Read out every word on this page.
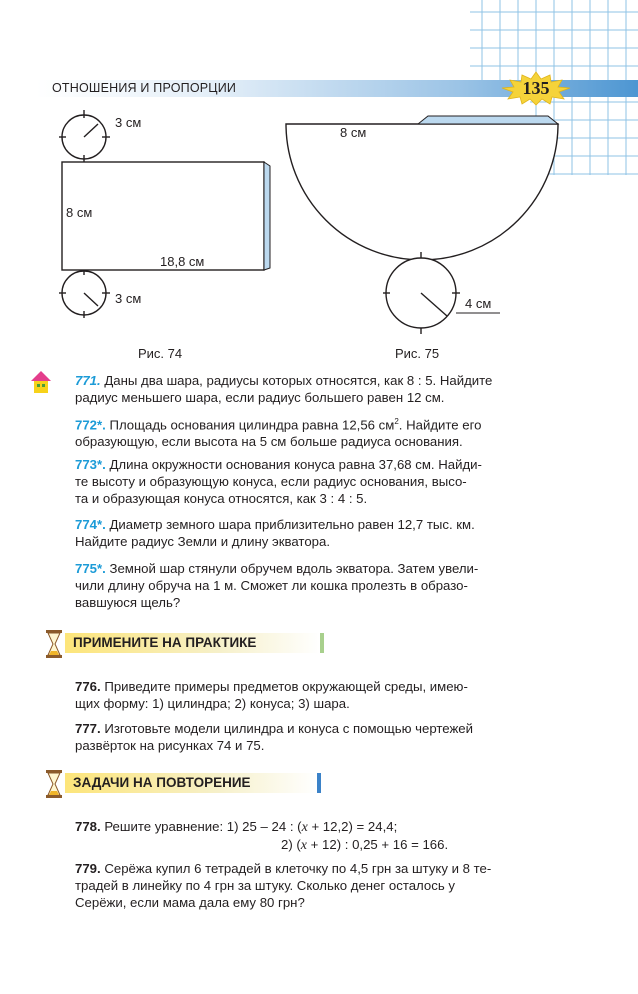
ОТНОШЕНИЯ И ПРОПОРЦИИ	135
3 см
8 см
18,8 см
3 см
8 см
4 см
Рис. 74	Рис. 75
771. Даны два шара, радиусы которых относятся, как 8 : 5. Найдите
радиус меньшего шара, если радиус большего равен 12 см.
772*. Площадь основания цилиндра равна 12,56 $см^2$. Найдите его
образующую, если высота на 5 см больше радиуса основания.
773*. Длина окружности основания конуса равна 37,68 см. Найди-
те высоту и образующую конуса, если радиус основания, высо-
та и образующая конуса относятся, как 3 : 4 : 5.
774*. Диаметр земного шара приблизительно равен 12,7 тыс. км.
Найдите радиус Земли и длину экватора.
775*. Земной шар стянули обручем вдоль экватора. Затем увели-
чили длину обруча на 1 м. Сможет ли кошка пролезть в образо-
вавшуюся щель?
ПРИМЕНИТЕ НА ПРАКТИКЕ
776. Приведите примеры предметов окружающей среды, имею-
щих форму: 1) цилиндра; 2) конуса; 3) шара.
777. Изготовьте модели цилиндра и конуса с помощью чертежей
развёрток на рисунках 74 и 75.
ЗАДАЧИ НА ПОВТОРЕНИЕ
778. Решите уравнение: 1) 25 – 24 : (x + 12,2) = 24,4;
2) (x + 12) : 0,25 + 16 = 166.
779. Серёжа купил 6 тетрадей в клеточку по 4,5 грн за штуку и 8 те-
традей в линейку по 4 грн за штуку. Сколько денег осталось у
Серёжи, если мама дала ему 80 грн?
